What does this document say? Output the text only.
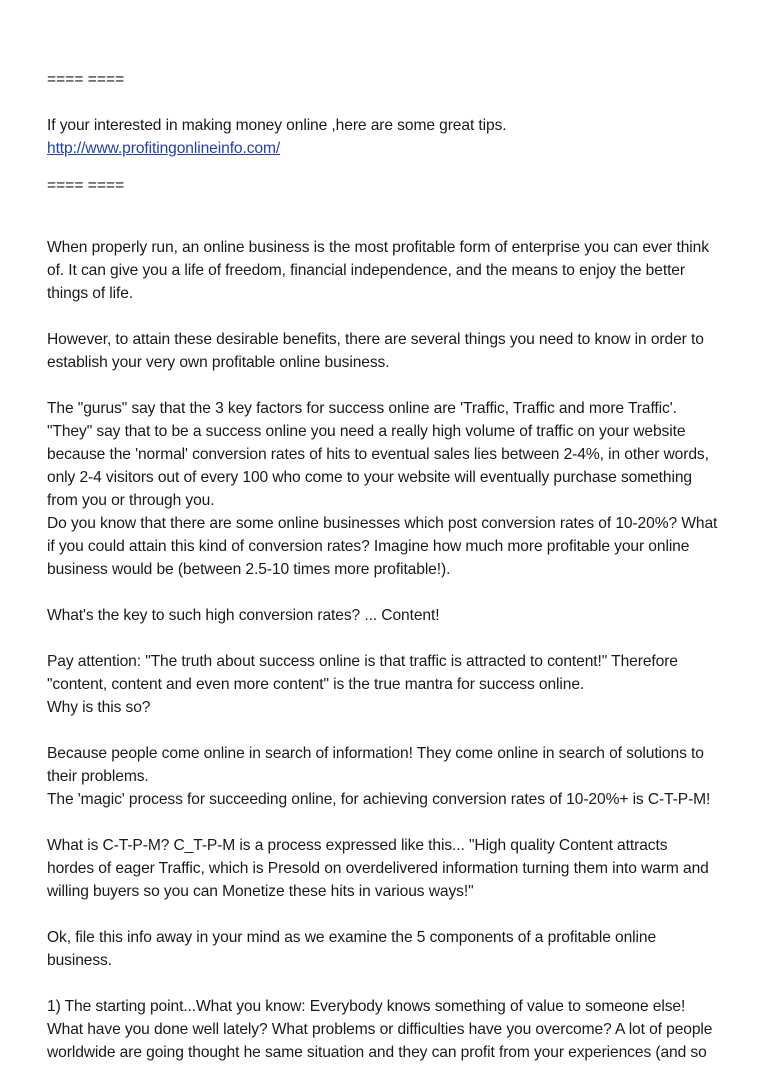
==== ====

If your interested in making money online ,here are some great tips.

http://www.profitingonlineinfo.com/

==== ====

When properly run, an online business is the most profitable form of enterprise you can ever think

of. It can give you a life of freedom, financial independence, and the means to enjoy the better

things of life.

However, to attain these desirable benefits, there are several things you need to know in order to

establish your very own profitable online business.

The "gurus" say that the 3 key factors for success online are 'Traffic, Traffic and more Traffic'.

"They" say that to be a success online you need a really high volume of traffic on your website

because the 'normal' conversion rates of hits to eventual sales lies between 2-4%, in other words,

only 2-4 visitors out of every 100 who come to your website will eventually purchase something

from you or through you.

Do you know that there are some online businesses which post conversion rates of 10-20%? What

if you could attain this kind of conversion rates? Imagine how much more profitable your online

business would be (between 2.5-10 times more profitable!).

What's the key to such high conversion rates? ... Content!

Pay attention: "The truth about success online is that traffic is attracted to content!" Therefore

"content, content and even more content" is the true mantra for success online.

Why is this so?

Because people come online in search of information! They come online in search of solutions to

their problems.

The 'magic' process for succeeding online, for achieving conversion rates of 10-20%+ is C-T-P-M!

What is C-T-P-M? C_T-P-M is a process expressed like this... "High quality Content attracts

hordes of eager Traffic, which is Presold on overdelivered information turning them into warm and

willing buyers so you can Monetize these hits in various ways!"

Ok, file this info away in your mind as we examine the 5 components of a profitable online

business.

1) The starting point...What you know: Everybody knows something of value to someone else!

What have you done well lately? What problems or difficulties have you overcome? A lot of people

worldwide are going thought he same situation and they can profit from your experiences (and so
